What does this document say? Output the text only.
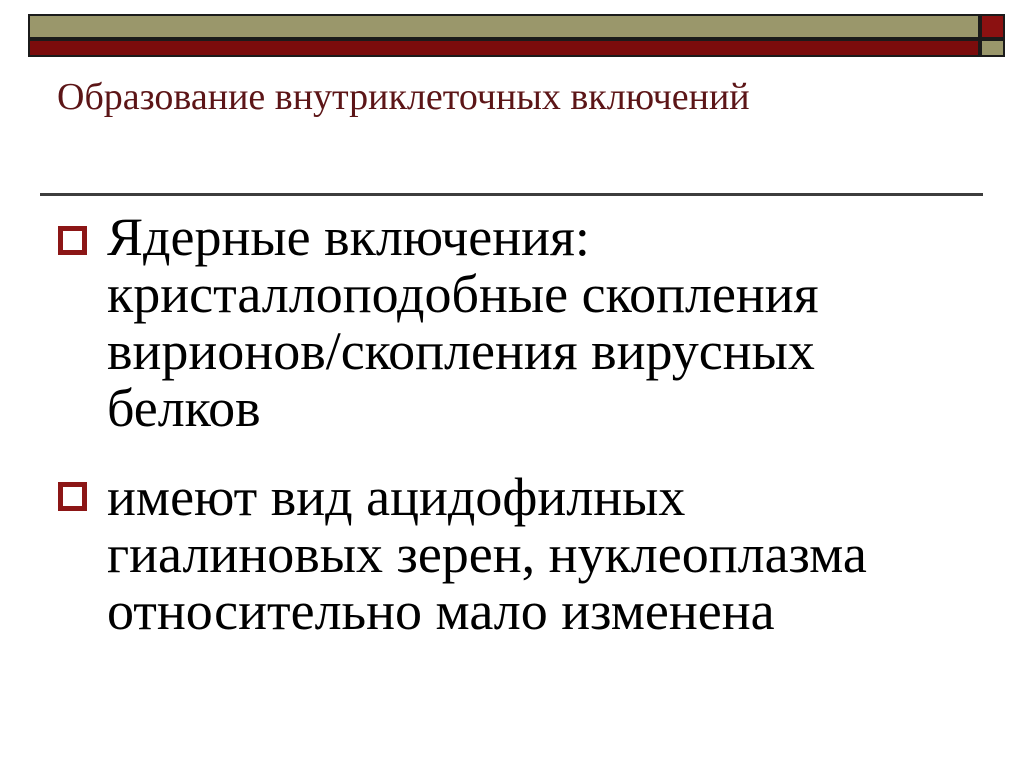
Образование внутриклеточных включений
Ядерные включения:
кристаллоподобные скопления
вирионов/скопления вирусных
белков
имеют вид ацидофилных
гиалиновых зерен, нуклеоплазма
относительно мало изменена
